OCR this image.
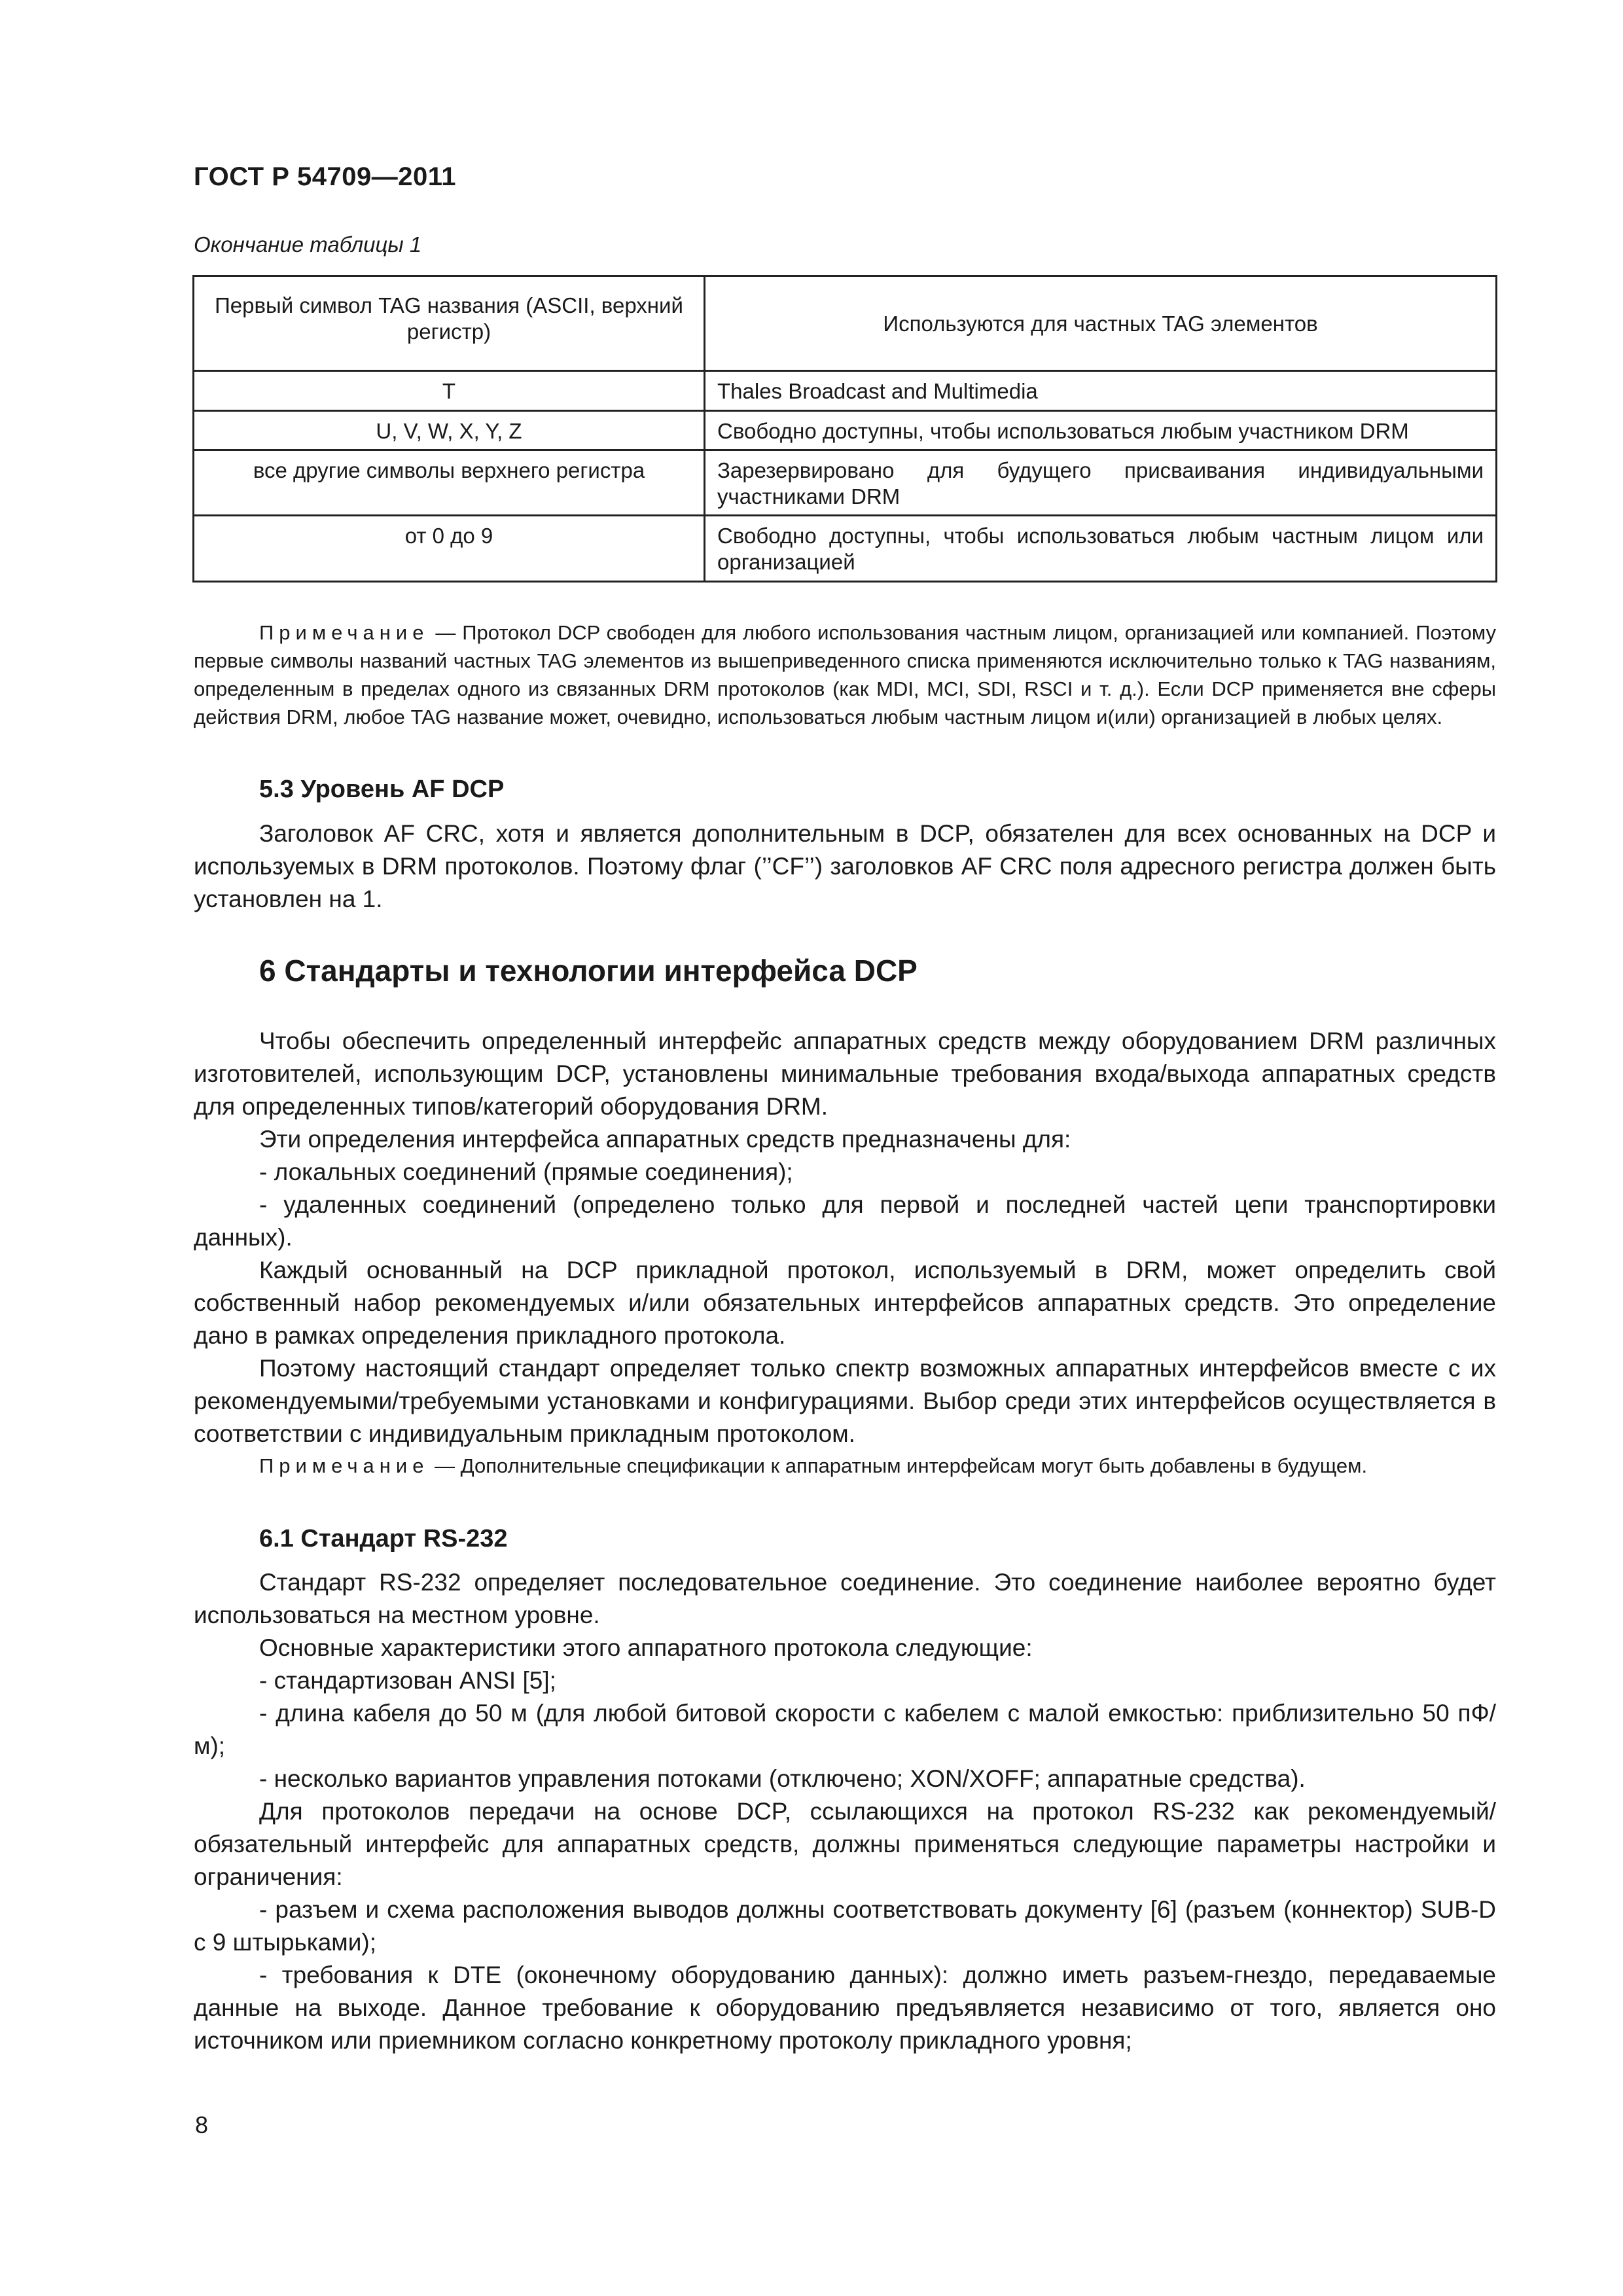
ГОСТ Р 54709—2011
Окончание таблицы 1
Первый символ TAG названия (ASCII, верхний регистр)	Используются для частных TAG элементов
T	Thales Broadcast and Multimedia
U, V, W, X, Y, Z	Свободно доступны, чтобы использоваться любым участником DRM
все другие символы верхнего регистра	Зарезервировано для будущего присваивания индивидуальными участниками DRM
от 0 до 9	Свободно доступны, чтобы использоваться любым частным лицом или организацией
Примечание — Протокол DCP свободен для любого использования частным лицом, организацией или компанией. Поэтому первые символы названий частных TAG элементов из вышеприведенного списка применяются исключительно только к TAG названиям, определенным в пределах одного из связанных DRM протоколов (как MDI, MCI, SDI, RSCI и т. д.). Если DCP применяется вне сферы действия DRM, любое TAG название может, очевидно, использоваться любым частным лицом и(или) организацией в любых целях.
5.3 Уровень AF DCP

Заголовок AF CRC, хотя и является дополнительным в DCP, обязателен для всех основанных на DCP и используемых в DRM протоколов. Поэтому флаг (’’CF’’) заголовков AF CRC поля адресного регистра должен быть установлен на 1.

6 Стандарты и технологии интерфейса DCP

Чтобы обеспечить определенный интерфейс аппаратных средств между оборудованием DRM различных изготовителей, использующим DCP, установлены минимальные требования входа/выхода аппаратных средств для определенных типов/категорий оборудования DRM.

Эти определения интерфейса аппаратных средств предназначены для:

- локальных соединений (прямые соединения);

- удаленных соединений (определено только для первой и последней частей цепи транспортировки данных).

Каждый основанный на DCP прикладной протокол, используемый в DRM, может определить свой собственный набор рекомендуемых и/или обязательных интерфейсов аппаратных средств. Это определение дано в рамках определения прикладного протокола.

Поэтому настоящий стандарт определяет только спектр возможных аппаратных интерфейсов вместе с их рекомендуемыми/требуемыми установками и конфигурациями. Выбор среди этих интерфейсов осуществляется в соответствии с индивидуальным прикладным протоколом.

Примечание — Дополнительные спецификации к аппаратным интерфейсам могут быть добавлены в будущем.
6.1 Стандарт RS-232

Стандарт RS-232 определяет последовательное соединение. Это соединение наиболее вероятно будет использоваться на местном уровне.

Основные характеристики этого аппаратного протокола следующие:

- стандартизован ANSI [5];

- длина кабеля до 50 м (для любой битовой скорости с кабелем с малой емкостью: приблизительно 50 пФ/м);

- несколько вариантов управления потоками (отключено; XON/XOFF; аппаратные средства).

Для протоколов передачи на основе DCP, ссылающихся на протокол RS-232 как рекомендуемый/обязательный интерфейс для аппаратных средств, должны применяться следующие параметры настройки и ограничения:

- разъем и схема расположения выводов должны соответствовать документу [6] (разъем (коннектор) SUB-D с 9 штырьками);

- требования к DTE (оконечному оборудованию данных): должно иметь разъем-гнездо, передаваемые данные на выходе. Данное требование к оборудованию предъявляется независимо от того, является оно источником или приемником согласно конкретному протоколу прикладного уровня;

8
